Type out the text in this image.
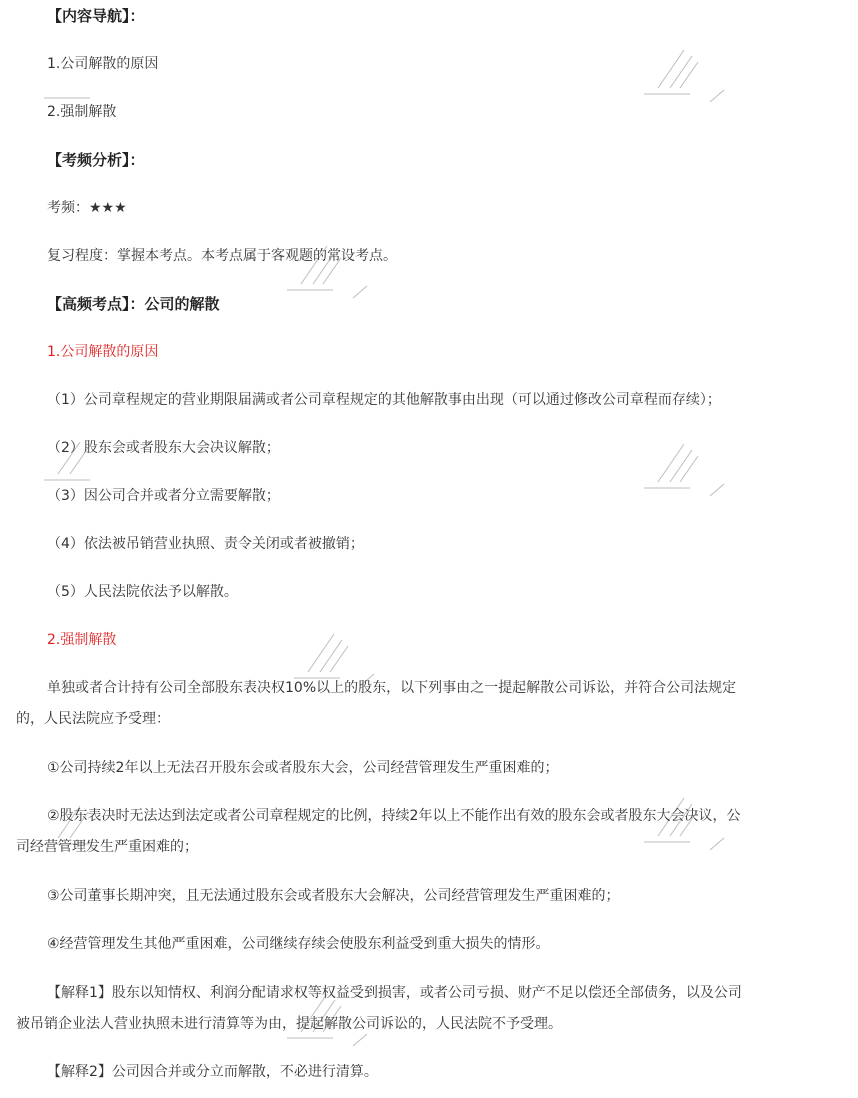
【内容导航】：
1.公司解散的原因
2.强制解散
【考频分析】：
考频：★★★
复习程度：掌握本考点。本考点属于客观题的常设考点。
【高频考点】：公司的解散
1.公司解散的原因
（1）公司章程规定的营业期限届满或者公司章程规定的其他解散事由出现（可以通过修改公司章程而存续）；
（2）股东会或者股东大会决议解散；
（3）因公司合并或者分立需要解散；
（4）依法被吊销营业执照、责令关闭或者被撤销；
（5）人民法院依法予以解散。
2.强制解散
单独或者合计持有公司全部股东表决权10%以上的股东，以下列事由之一提起解散公司诉讼，并符合公司法规定
的，人民法院应予受理：
①公司持续2年以上无法召开股东会或者股东大会，公司经营管理发生严重困难的；
②股东表决时无法达到法定或者公司章程规定的比例，持续2年以上不能作出有效的股东会或者股东大会决议，公
司经营管理发生严重困难的；
③公司董事长期冲突，且无法通过股东会或者股东大会解决，公司经营管理发生严重困难的；
④经营管理发生其他严重困难，公司继续存续会使股东利益受到重大损失的情形。
【解释1】股东以知情权、利润分配请求权等权益受到损害，或者公司亏损、财产不足以偿还全部债务，以及公司
被吊销企业法人营业执照未进行清算等为由，提起解散公司诉讼的，人民法院不予受理。
【解释2】公司因合并或分立而解散，不必进行清算。
